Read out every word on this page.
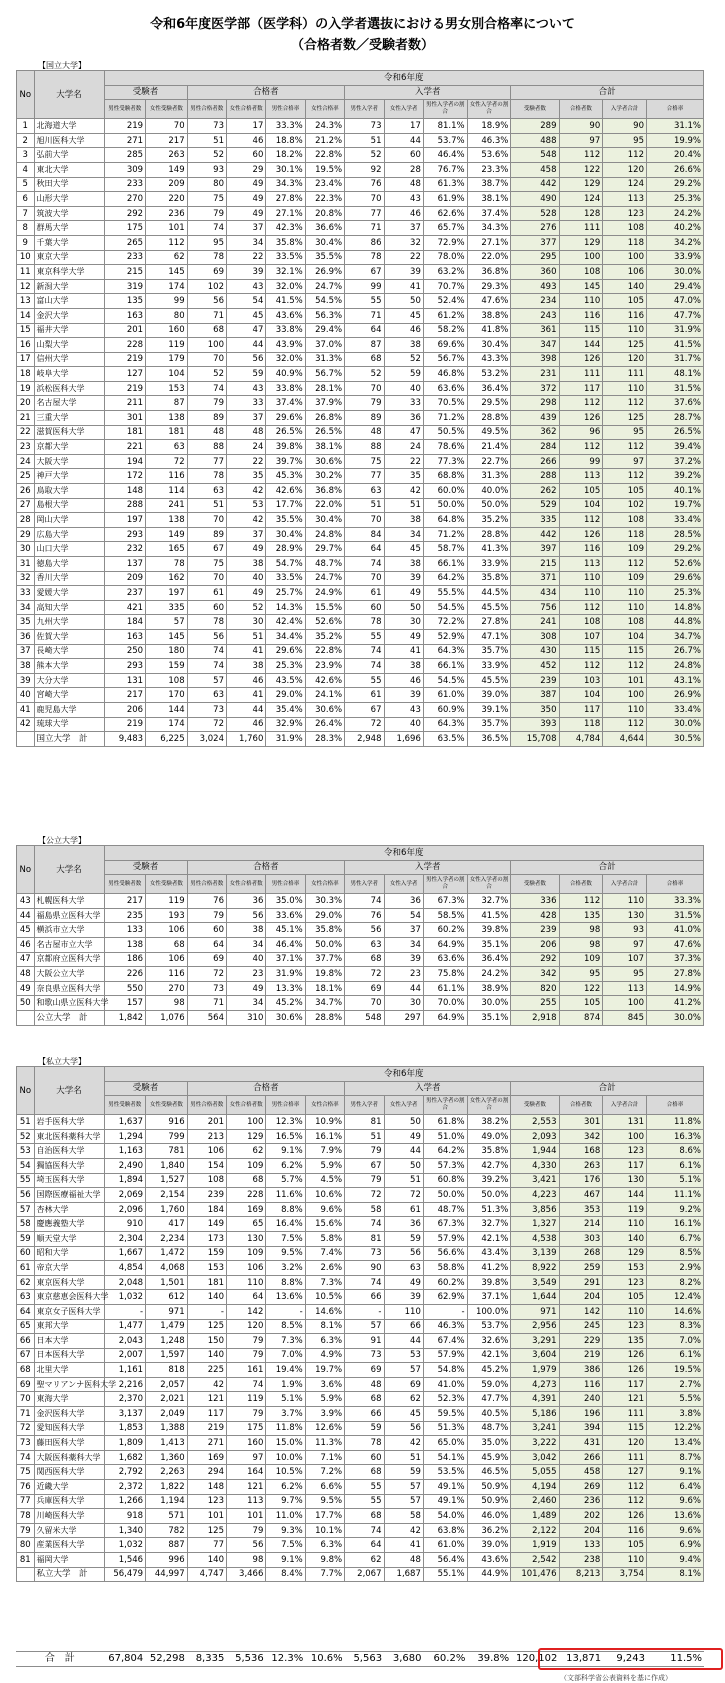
令和6年度医学部（医学科）の入学者選抜における男女別合格率について
（合格者数／受験者数）
【国立大学】
No	大学名	令和6年度													
		受験者		合格者				入学者				合計			
		男性受験者数	女性受験者数	男性合格者数	女性合格者数	男性合格率	女性合格率	男性入学者	女性入学者	男性入学者の割合	女性入学者の割合	受験者数	合格者数	入学者合計	合格率
1	北海道大学	219	70	73	17	33.3%	24.3%	73	17	81.1%	18.9%	289	90	90	31.1%
2	旭川医科大学	271	217	51	46	18.8%	21.2%	51	44	53.7%	46.3%	488	97	95	19.9%
3	弘前大学	285	263	52	60	18.2%	22.8%	52	60	46.4%	53.6%	548	112	112	20.4%
4	東北大学	309	149	93	29	30.1%	19.5%	92	28	76.7%	23.3%	458	122	120	26.6%
5	秋田大学	233	209	80	49	34.3%	23.4%	76	48	61.3%	38.7%	442	129	124	29.2%
6	山形大学	270	220	75	49	27.8%	22.3%	70	43	61.9%	38.1%	490	124	113	25.3%
7	筑波大学	292	236	79	49	27.1%	20.8%	77	46	62.6%	37.4%	528	128	123	24.2%
8	群馬大学	175	101	74	37	42.3%	36.6%	71	37	65.7%	34.3%	276	111	108	40.2%
9	千葉大学	265	112	95	34	35.8%	30.4%	86	32	72.9%	27.1%	377	129	118	34.2%
10	東京大学	233	62	78	22	33.5%	35.5%	78	22	78.0%	22.0%	295	100	100	33.9%
11	東京科学大学	215	145	69	39	32.1%	26.9%	67	39	63.2%	36.8%	360	108	106	30.0%
12	新潟大学	319	174	102	43	32.0%	24.7%	99	41	70.7%	29.3%	493	145	140	29.4%
13	富山大学	135	99	56	54	41.5%	54.5%	55	50	52.4%	47.6%	234	110	105	47.0%
14	金沢大学	163	80	71	45	43.6%	56.3%	71	45	61.2%	38.8%	243	116	116	47.7%
15	福井大学	201	160	68	47	33.8%	29.4%	64	46	58.2%	41.8%	361	115	110	31.9%
16	山梨大学	228	119	100	44	43.9%	37.0%	87	38	69.6%	30.4%	347	144	125	41.5%
17	信州大学	219	179	70	56	32.0%	31.3%	68	52	56.7%	43.3%	398	126	120	31.7%
18	岐阜大学	127	104	52	59	40.9%	56.7%	52	59	46.8%	53.2%	231	111	111	48.1%
19	浜松医科大学	219	153	74	43	33.8%	28.1%	70	40	63.6%	36.4%	372	117	110	31.5%
20	名古屋大学	211	87	79	33	37.4%	37.9%	79	33	70.5%	29.5%	298	112	112	37.6%
21	三重大学	301	138	89	37	29.6%	26.8%	89	36	71.2%	28.8%	439	126	125	28.7%
22	滋賀医科大学	181	181	48	48	26.5%	26.5%	48	47	50.5%	49.5%	362	96	95	26.5%
23	京都大学	221	63	88	24	39.8%	38.1%	88	24	78.6%	21.4%	284	112	112	39.4%
24	大阪大学	194	72	77	22	39.7%	30.6%	75	22	77.3%	22.7%	266	99	97	37.2%
25	神戸大学	172	116	78	35	45.3%	30.2%	77	35	68.8%	31.3%	288	113	112	39.2%
26	鳥取大学	148	114	63	42	42.6%	36.8%	63	42	60.0%	40.0%	262	105	105	40.1%
27	島根大学	288	241	51	53	17.7%	22.0%	51	51	50.0%	50.0%	529	104	102	19.7%
28	岡山大学	197	138	70	42	35.5%	30.4%	70	38	64.8%	35.2%	335	112	108	33.4%
29	広島大学	293	149	89	37	30.4%	24.8%	84	34	71.2%	28.8%	442	126	118	28.5%
30	山口大学	232	165	67	49	28.9%	29.7%	64	45	58.7%	41.3%	397	116	109	29.2%
31	徳島大学	137	78	75	38	54.7%	48.7%	74	38	66.1%	33.9%	215	113	112	52.6%
32	香川大学	209	162	70	40	33.5%	24.7%	70	39	64.2%	35.8%	371	110	109	29.6%
33	愛媛大学	237	197	61	49	25.7%	24.9%	61	49	55.5%	44.5%	434	110	110	25.3%
34	高知大学	421	335	60	52	14.3%	15.5%	60	50	54.5%	45.5%	756	112	110	14.8%
35	九州大学	184	57	78	30	42.4%	52.6%	78	30	72.2%	27.8%	241	108	108	44.8%
36	佐賀大学	163	145	56	51	34.4%	35.2%	55	49	52.9%	47.1%	308	107	104	34.7%
37	長崎大学	250	180	74	41	29.6%	22.8%	74	41	64.3%	35.7%	430	115	115	26.7%
38	熊本大学	293	159	74	38	25.3%	23.9%	74	38	66.1%	33.9%	452	112	112	24.8%
39	大分大学	131	108	57	46	43.5%	42.6%	55	46	54.5%	45.5%	239	103	101	43.1%
40	宮崎大学	217	170	63	41	29.0%	24.1%	61	39	61.0%	39.0%	387	104	100	26.9%
41	鹿児島大学	206	144	73	44	35.4%	30.6%	67	43	60.9%	39.1%	350	117	110	33.4%
42	琉球大学	219	174	72	46	32.9%	26.4%	72	40	64.3%	35.7%	393	118	112	30.0%
	国立大学　計	9,483	6,225	3,024	1,760	31.9%	28.3%	2,948	1,696	63.5%	36.5%	15,708	4,784	4,644	30.5%
【公立大学】
No	大学名	令和6年度													
		受験者		合格者				入学者				合計			
		男性受験者数	女性受験者数	男性合格者数	女性合格者数	男性合格率	女性合格率	男性入学者	女性入学者	男性入学者の割合	女性入学者の割合	受験者数	合格者数	入学者合計	合格率
43	札幌医科大学	217	119	76	36	35.0%	30.3%	74	36	67.3%	32.7%	336	112	110	33.3%
44	福島県立医科大学	235	193	79	56	33.6%	29.0%	76	54	58.5%	41.5%	428	135	130	31.5%
45	横浜市立大学	133	106	60	38	45.1%	35.8%	56	37	60.2%	39.8%	239	98	93	41.0%
46	名古屋市立大学	138	68	64	34	46.4%	50.0%	63	34	64.9%	35.1%	206	98	97	47.6%
47	京都府立医科大学	186	106	69	40	37.1%	37.7%	68	39	63.6%	36.4%	292	109	107	37.3%
48	大阪公立大学	226	116	72	23	31.9%	19.8%	72	23	75.8%	24.2%	342	95	95	27.8%
49	奈良県立医科大学	550	270	73	49	13.3%	18.1%	69	44	61.1%	38.9%	820	122	113	14.9%
50	和歌山県立医科大学	157	98	71	34	45.2%	34.7%	70	30	70.0%	30.0%	255	105	100	41.2%
	公立大学　計	1,842	1,076	564	310	30.6%	28.8%	548	297	64.9%	35.1%	2,918	874	845	30.0%
【私立大学】
No	大学名	令和6年度													
		受験者		合格者				入学者				合計			
		男性受験者数	女性受験者数	男性合格者数	女性合格者数	男性合格率	女性合格率	男性入学者	女性入学者	男性入学者の割合	女性入学者の割合	受験者数	合格者数	入学者合計	合格率
51	岩手医科大学	1,637	916	201	100	12.3%	10.9%	81	50	61.8%	38.2%	2,553	301	131	11.8%
52	東北医科薬科大学	1,294	799	213	129	16.5%	16.1%	51	49	51.0%	49.0%	2,093	342	100	16.3%
53	自治医科大学	1,163	781	106	62	9.1%	7.9%	79	44	64.2%	35.8%	1,944	168	123	8.6%
54	獨協医科大学	2,490	1,840	154	109	6.2%	5.9%	67	50	57.3%	42.7%	4,330	263	117	6.1%
55	埼玉医科大学	1,894	1,527	108	68	5.7%	4.5%	79	51	60.8%	39.2%	3,421	176	130	5.1%
56	国際医療福祉大学	2,069	2,154	239	228	11.6%	10.6%	72	72	50.0%	50.0%	4,223	467	144	11.1%
57	杏林大学	2,096	1,760	184	169	8.8%	9.6%	58	61	48.7%	51.3%	3,856	353	119	9.2%
58	慶應義塾大学	910	417	149	65	16.4%	15.6%	74	36	67.3%	32.7%	1,327	214	110	16.1%
59	順天堂大学	2,304	2,234	173	130	7.5%	5.8%	81	59	57.9%	42.1%	4,538	303	140	6.7%
60	昭和大学	1,667	1,472	159	109	9.5%	7.4%	73	56	56.6%	43.4%	3,139	268	129	8.5%
61	帝京大学	4,854	4,068	153	106	3.2%	2.6%	90	63	58.8%	41.2%	8,922	259	153	2.9%
62	東京医科大学	2,048	1,501	181	110	8.8%	7.3%	74	49	60.2%	39.8%	3,549	291	123	8.2%
63	東京慈恵会医科大学	1,032	612	140	64	13.6%	10.5%	66	39	62.9%	37.1%	1,644	204	105	12.4%
64	東京女子医科大学	-	971	-	142	-	14.6%	-	110	-	100.0%	971	142	110	14.6%
65	東邦大学	1,477	1,479	125	120	8.5%	8.1%	57	66	46.3%	53.7%	2,956	245	123	8.3%
66	日本大学	2,043	1,248	150	79	7.3%	6.3%	91	44	67.4%	32.6%	3,291	229	135	7.0%
67	日本医科大学	2,007	1,597	140	79	7.0%	4.9%	73	53	57.9%	42.1%	3,604	219	126	6.1%
68	北里大学	1,161	818	225	161	19.4%	19.7%	69	57	54.8%	45.2%	1,979	386	126	19.5%
69	聖マリアンナ医科大学	2,216	2,057	42	74	1.9%	3.6%	48	69	41.0%	59.0%	4,273	116	117	2.7%
70	東海大学	2,370	2,021	121	119	5.1%	5.9%	68	62	52.3%	47.7%	4,391	240	121	5.5%
71	金沢医科大学	3,137	2,049	117	79	3.7%	3.9%	66	45	59.5%	40.5%	5,186	196	111	3.8%
72	愛知医科大学	1,853	1,388	219	175	11.8%	12.6%	59	56	51.3%	48.7%	3,241	394	115	12.2%
73	藤田医科大学	1,809	1,413	271	160	15.0%	11.3%	78	42	65.0%	35.0%	3,222	431	120	13.4%
74	大阪医科薬科大学	1,682	1,360	169	97	10.0%	7.1%	60	51	54.1%	45.9%	3,042	266	111	8.7%
75	関西医科大学	2,792	2,263	294	164	10.5%	7.2%	68	59	53.5%	46.5%	5,055	458	127	9.1%
76	近畿大学	2,372	1,822	148	121	6.2%	6.6%	55	57	49.1%	50.9%	4,194	269	112	6.4%
77	兵庫医科大学	1,266	1,194	123	113	9.7%	9.5%	55	57	49.1%	50.9%	2,460	236	112	9.6%
78	川崎医科大学	918	571	101	101	11.0%	17.7%	68	58	54.0%	46.0%	1,489	202	126	13.6%
79	久留米大学	1,340	782	125	79	9.3%	10.1%	74	42	63.8%	36.2%	2,122	204	116	9.6%
80	産業医科大学	1,032	887	77	56	7.5%	6.3%	64	41	61.0%	39.0%	1,919	133	105	6.9%
81	福岡大学	1,546	996	140	98	9.1%	9.8%	62	48	56.4%	43.6%	2,542	238	110	9.4%
	私立大学　計	56,479	44,997	4,747	3,466	8.4%	7.7%	2,067	1,687	55.1%	44.9%	101,476	8,213	3,754	8.1%
合　計	67,804	52,298	8,335	5,536	12.3%	10.6%	5,563	3,680	60.2%	39.8%	120,102	13,871	9,243	11.5%
（文部科学省公表資料を基に作成）
